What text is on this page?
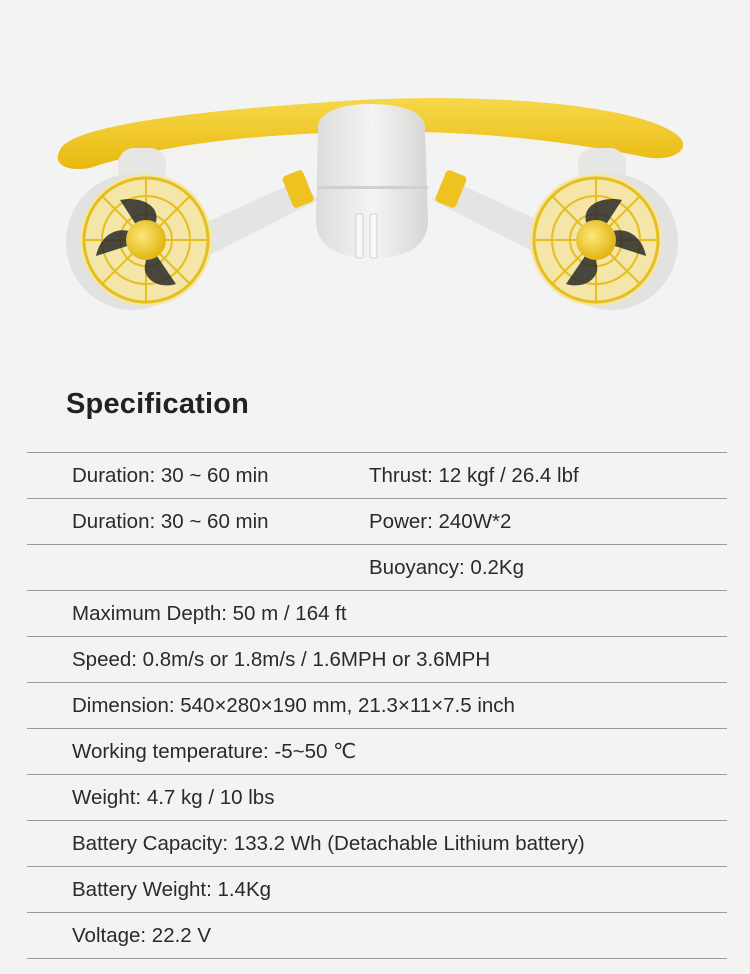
Specification
Duration: 30 ~ 60 min	Thrust: 12 kgf / 26.4 lbf
Duration: 30 ~ 60 min	Power: 240W*2
Buoyancy: 0.2Kg
Maximum Depth: 50 m / 164 ft
Speed: 0.8m/s or 1.8m/s / 1.6MPH or 3.6MPH
Dimension: 540×280×190 mm, 21.3×11×7.5 inch
Working temperature: -5~50 ℃
Weight: 4.7 kg / 10 lbs
Battery Capacity: 133.2 Wh (Detachable Lithium battery)
Battery Weight: 1.4Kg
Voltage: 22.2 V
